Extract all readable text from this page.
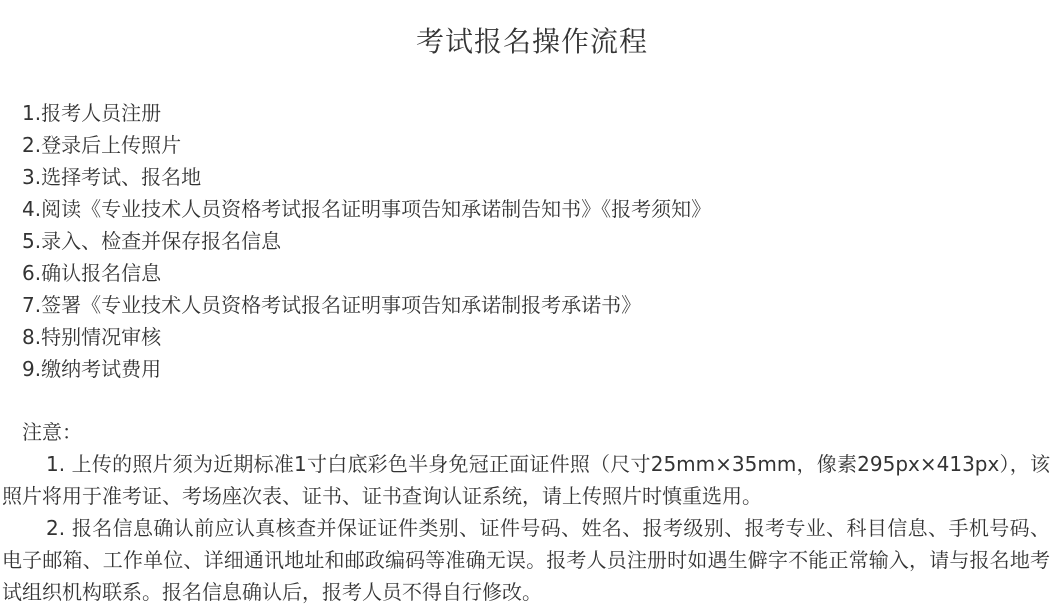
考试报名操作流程
1.报考人员注册
2.登录后上传照片
3.选择考试、报名地
4.阅读《专业技术人员资格考试报名证明事项告知承诺制告知书》《报考须知》
5.录入、检查并保存报名信息
6.确认报名信息
7.签署《专业技术人员资格考试报名证明事项告知承诺制报考承诺书》
8.特别情况审核
9.缴纳考试费用
注意：

1. 上传的照片须为近期标准1寸白底彩色半身免冠正面证件照（尺寸25mm×35mm，像素295px×413px），该照片将用于准考证、考场座次表、证书、证书查询认证系统，请上传照片时慎重选用。

2. 报名信息确认前应认真核查并保证证件类别、证件号码、姓名、报考级别、报考专业、科目信息、手机号码、电子邮箱、工作单位、详细通讯地址和邮政编码等准确无误。报考人员注册时如遇生僻字不能正常输入，请与报名地考试组织机构联系。报名信息确认后，报考人员不得自行修改。
